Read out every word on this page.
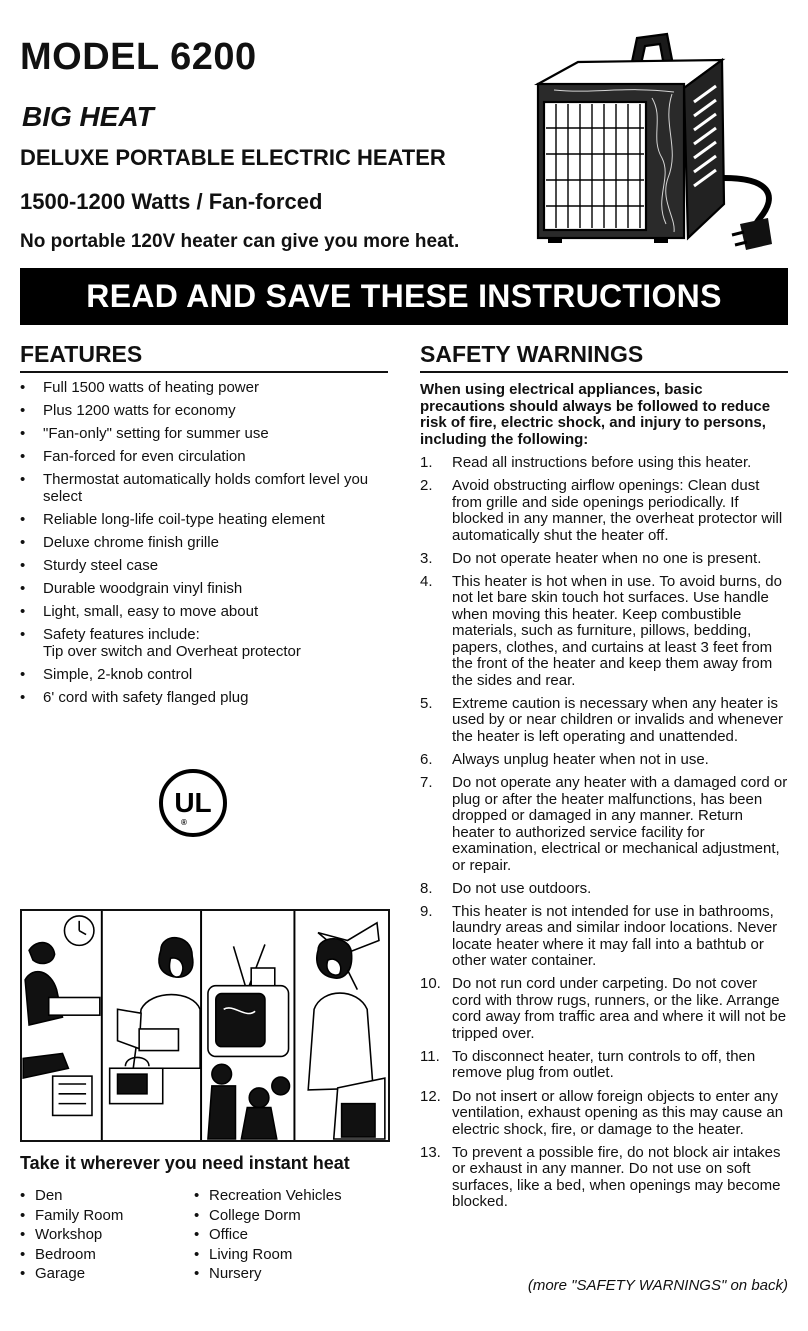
MODEL 6200
BIG HEAT
DELUXE PORTABLE ELECTRIC HEATER
1500-1200 Watts / Fan-forced
No portable 120V heater can give you more heat.
READ AND SAVE THESE INSTRUCTIONS
FEATURES	SAFETY WARNINGS
• Full 1500 watts of heating power
• Plus 1200 watts for economy
• "Fan-only" setting for summer use
• Fan-forced for even circulation
• Thermostat automatically holds comfort level you select
• Reliable long-life coil-type heating element
• Deluxe chrome finish grille
• Sturdy steel case
• Durable woodgrain vinyl finish
• Light, small, easy to move about
• Safety features include:
Tip over switch and Overheat protector
• Simple, 2-knob control
• 6' cord with safety flanged plug
UL
®
Take it wherever you need instant heat
• Den
• Family Room
• Workshop
• Bedroom
• Garage
• Recreation Vehicles
• College Dorm
• Office
• Living Room
• Nursery
When using electrical appliances, basic precautions should always be followed to reduce risk of fire, electric shock, and injury to persons, including the following:
1. Read all instructions before using this heater.
2. Avoid obstructing airflow openings: Clean dust from grille and side openings periodically. If blocked in any manner, the overheat protector will automatically shut the heater off.
3. Do not operate heater when no one is present.
4. This heater is hot when in use. To avoid burns, do not let bare skin touch hot surfaces. Use handle when moving this heater. Keep combustible materials, such as furniture, pillows, bedding, papers, clothes, and curtains at least 3 feet from the front of the heater and keep them away from the sides and rear.
5. Extreme caution is necessary when any heater is used by or near children or invalids and whenever the heater is left operating and unattended.
6. Always unplug heater when not in use.
7. Do not operate any heater with a damaged cord or plug or after the heater malfunctions, has been dropped or damaged in any manner. Return heater to authorized service facility for examination, electrical or mechanical adjustment, or repair.
8. Do not use outdoors.
9. This heater is not intended for use in bathrooms, laundry areas and similar indoor locations. Never locate heater where it may fall into a bathtub or other water container.
10. Do not run cord under carpeting. Do not cover cord with throw rugs, runners, or the like. Arrange cord away from traffic area and where it will not be tripped over.
11. To disconnect heater, turn controls to off, then remove plug from outlet.
12. Do not insert or allow foreign objects to enter any ventilation, exhaust opening as this may cause an electric shock, fire, or damage to the heater.
13. To prevent a possible fire, do not block air intakes or exhaust in any manner. Do not use on soft surfaces, like a bed, when openings may become blocked.
(more "SAFETY WARNINGS" on back)
